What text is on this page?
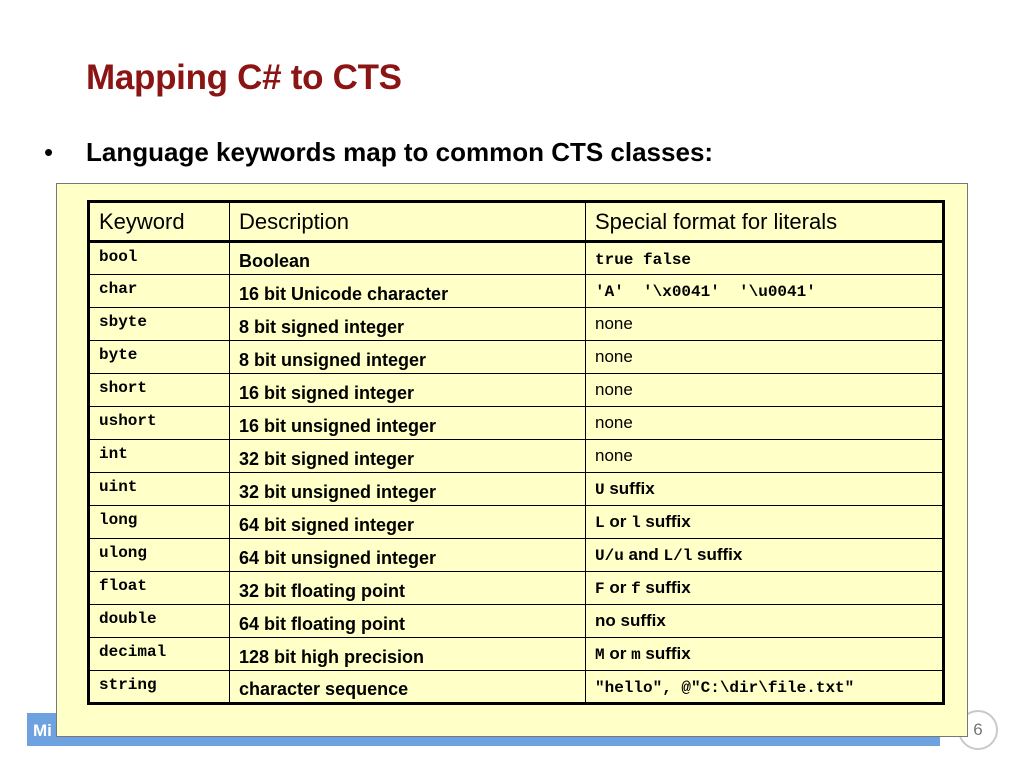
Mapping C# to CTS
• Language keywords map to common CTS classes:
Mi	6
Keyword	Description	Special format for literals
bool	Boolean	true false
char	16 bit Unicode character	'A'  '\x0041'  '\u0041'
sbyte	8 bit signed integer	none
byte	8 bit unsigned integer	none
short	16 bit signed integer	none
ushort	16 bit unsigned integer	none
int	32 bit signed integer	none
uint	32 bit unsigned integer	U suffix
long	64 bit signed integer	L or l suffix
ulong	64 bit unsigned integer	U/u and L/l suffix
float	32 bit floating point	F or f suffix
double	64 bit floating point	no suffix
decimal	128 bit high precision	M or m suffix
string	character sequence	"hello", @"C:\dir\file.txt"
